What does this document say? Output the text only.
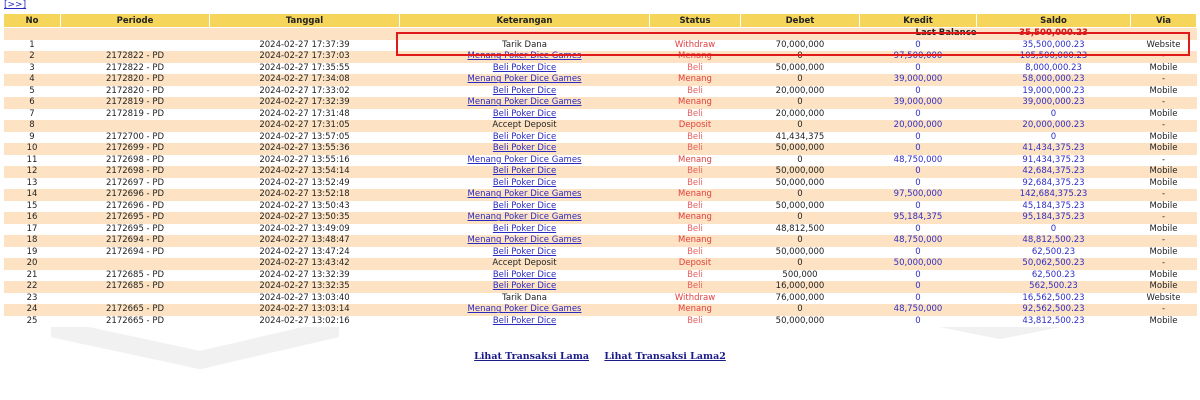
[>>]
No	Periode	Tanggal	Keterangan	Status	Debet	Kredit	Saldo	Via
Last Balance							35,500,000.23	
1		2024-02-27 17:37:39	Tarik Dana	Withdraw	70,000,000	0	35,500,000.23	Website
2	2172822 - PD	2024-02-27 17:37:03	Menang Poker Dice Games	Menang	0	97,500,000	105,500,000.23	-
3	2172822 - PD	2024-02-27 17:35:55	Beli Poker Dice	Beli	50,000,000	0	8,000,000.23	Mobile
4	2172820 - PD	2024-02-27 17:34:08	Menang Poker Dice Games	Menang	0	39,000,000	58,000,000.23	-
5	2172820 - PD	2024-02-27 17:33:02	Beli Poker Dice	Beli	20,000,000	0	19,000,000.23	Mobile
6	2172819 - PD	2024-02-27 17:32:39	Menang Poker Dice Games	Menang	0	39,000,000	39,000,000.23	-
7	2172819 - PD	2024-02-27 17:31:48	Beli Poker Dice	Beli	20,000,000	0	0	Mobile
8		2024-02-27 17:31:05	Accept Deposit	Deposit	0	20,000,000	20,000,000.23	-
9	2172700 - PD	2024-02-27 13:57:05	Beli Poker Dice	Beli	41,434,375	0	0	Mobile
10	2172699 - PD	2024-02-27 13:55:36	Beli Poker Dice	Beli	50,000,000	0	41,434,375.23	Mobile
11	2172698 - PD	2024-02-27 13:55:16	Menang Poker Dice Games	Menang	0	48,750,000	91,434,375.23	-
12	2172698 - PD	2024-02-27 13:54:14	Beli Poker Dice	Beli	50,000,000	0	42,684,375.23	Mobile
13	2172697 - PD	2024-02-27 13:52:49	Beli Poker Dice	Beli	50,000,000	0	92,684,375.23	Mobile
14	2172696 - PD	2024-02-27 13:52:18	Menang Poker Dice Games	Menang	0	97,500,000	142,684,375.23	-
15	2172696 - PD	2024-02-27 13:50:43	Beli Poker Dice	Beli	50,000,000	0	45,184,375.23	Mobile
16	2172695 - PD	2024-02-27 13:50:35	Menang Poker Dice Games	Menang	0	95,184,375	95,184,375.23	-
17	2172695 - PD	2024-02-27 13:49:09	Beli Poker Dice	Beli	48,812,500	0	0	Mobile
18	2172694 - PD	2024-02-27 13:48:47	Menang Poker Dice Games	Menang	0	48,750,000	48,812,500.23	-
19	2172694 - PD	2024-02-27 13:47:24	Beli Poker Dice	Beli	50,000,000	0	62,500.23	Mobile
20		2024-02-27 13:43:42	Accept Deposit	Deposit	0	50,000,000	50,062,500.23	-
21	2172685 - PD	2024-02-27 13:32:39	Beli Poker Dice	Beli	500,000	0	62,500.23	Mobile
22	2172685 - PD	2024-02-27 13:32:35	Beli Poker Dice	Beli	16,000,000	0	562,500.23	Mobile
23		2024-02-27 13:03:40	Tarik Dana	Withdraw	76,000,000	0	16,562,500.23	Website
24	2172665 - PD	2024-02-27 13:03:14	Menang Poker Dice Games	Menang	0	48,750,000	92,562,500.23	-
25	2172665 - PD	2024-02-27 13:02:16	Beli Poker Dice	Beli	50,000,000	0	43,812,500.23	Mobile
Lihat Transaksi Lama Lihat Transaksi Lama2
